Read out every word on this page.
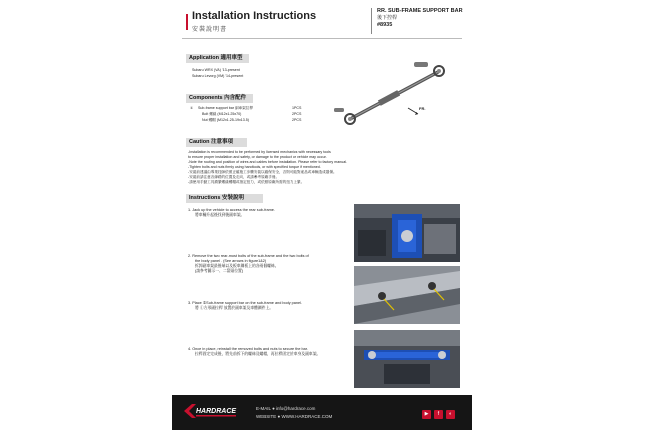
Installation Instructions
安裝說明書
RR. SUB-FRAME SUPPORT BAR
後下控桿
#8935
Application 適用車型
Subaru WRX (VA) '13-present
Subaru Levorg (VM) '14-present
Components 內含配件
① Sub-frame support bar 副車架拉桿	1PCS
Bolt 螺絲 (M12x1.25x70)	2PCS
Nut 螺帽 (M12x1.25-19x13.5)	2PCS
FR.
Caution 注意事項
-Installation is recommended to be performed by licensed mechanics with necessary tools
to ensure proper installation and safety, or damage to the product or vehicle may occur.
-Note the routing and position of wires and cables before installation. Please refer to factory manual.
-Tighten bolts and nuts firmly using handtools, or with specified torque if mentioned.
-安裝前建議由專業技師依照正確施工步驟安裝以確保安全，否則可能對產品或車輛造成損傷。
-安裝前請注意各線路的位置及走向，或請參考原廠手冊。
-請使用手動工具鎖緊螺絲螺帽或指定扭力，或依照原廠所需的扭力上緊。
Instructions 安裝說明
1. Jack up the vehicle to access the rear sub-frame.
將車輛升起後找到後副車架。
2. Remove the two rear-most bolts of the sub-frame and the two bolts of
the body panel . (See arrows in figure1&2)
拆卸副車架最後端以及板車鋼板上的各兩個螺絲。
(請參考圖示一、二箭頭位置)
3. Place ①Sub-frame support bar on the sub-frame and body panel.
將 ①方形副拉桿 放置於副車架及車體鋼件上。
4. Once in place, reinstall the removed bolts and nuts to secure the bar.
拉桿固定完成後，將先前拆下的螺絲及螺帽，再拉桿固定於車身及副車架。
HARDRACE	E-MAIL ● info@hardrace.com
WEBSITE ● WWW.HARDRACE.COM	▶	f	◐
